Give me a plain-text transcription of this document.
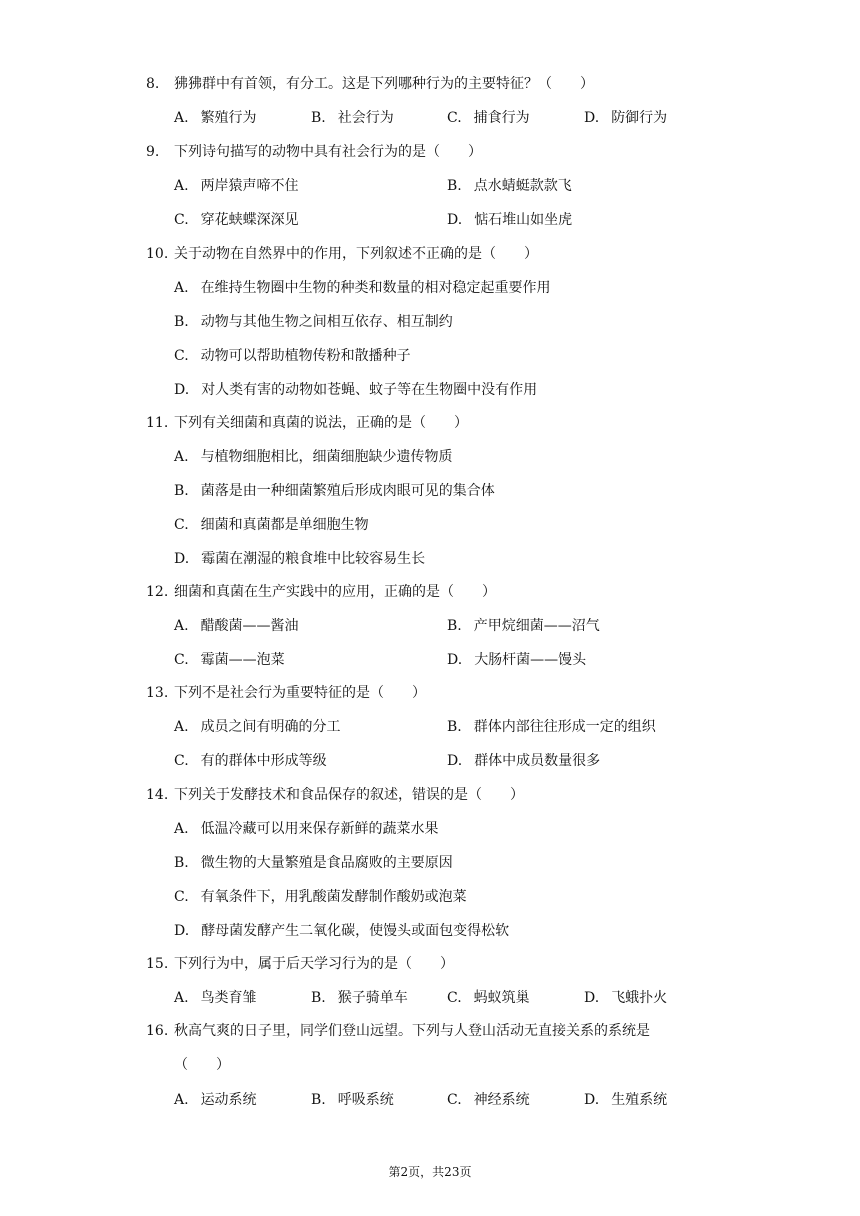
8. 狒狒群中有首领，有分工。这是下列哪种行为的主要特征？（　　）
A. 繁殖行为	B. 社会行为	C. 捕食行为	D. 防御行为
9. 下列诗句描写的动物中具有社会行为的是（　　）
A. 两岸猿声啼不住	B. 点水蜻蜓款款飞
C. 穿花蛱蝶深深见	D. 惦石堆山如坐虎
10. 关于动物在自然界中的作用，下列叙述不正确的是（　　）
A. 在维持生物圈中生物的种类和数量的相对稳定起重要作用
B. 动物与其他生物之间相互依存、相互制约
C. 动物可以帮助植物传粉和散播种子
D. 对人类有害的动物如苍蝇、蚊子等在生物圈中没有作用
11. 下列有关细菌和真菌的说法，正确的是（　　）
A. 与植物细胞相比，细菌细胞缺少遗传物质
B. 菌落是由一种细菌繁殖后形成肉眼可见的集合体
C. 细菌和真菌都是单细胞生物
D. 霉菌在潮湿的粮食堆中比较容易生长
12. 细菌和真菌在生产实践中的应用，正确的是（　　）
A. 醋酸菌——酱油	B. 产甲烷细菌——沼气
C. 霉菌——泡菜	D. 大肠杆菌——馒头
13. 下列不是社会行为重要特征的是（　　）
A. 成员之间有明确的分工	B. 群体内部往往形成一定的组织
C. 有的群体中形成等级	D. 群体中成员数量很多
14. 下列关于发酵技术和食品保存的叙述，错误的是（　　）
A. 低温冷藏可以用来保存新鲜的蔬菜水果
B. 微生物的大量繁殖是食品腐败的主要原因
C. 有氧条件下，用乳酸菌发酵制作酸奶或泡菜
D. 酵母菌发酵产生二氧化碳，使馒头或面包变得松软
15. 下列行为中，属于后天学习行为的是（　　）
A. 鸟类育雏	B. 猴子骑单车	C. 蚂蚁筑巢	D. 飞蛾扑火
16. 秋高气爽的日子里，同学们登山远望。下列与人登山活动无直接关系的系统是
（　　）
A. 运动系统	B. 呼吸系统	C. 神经系统	D. 生殖系统
第2页，共23页
